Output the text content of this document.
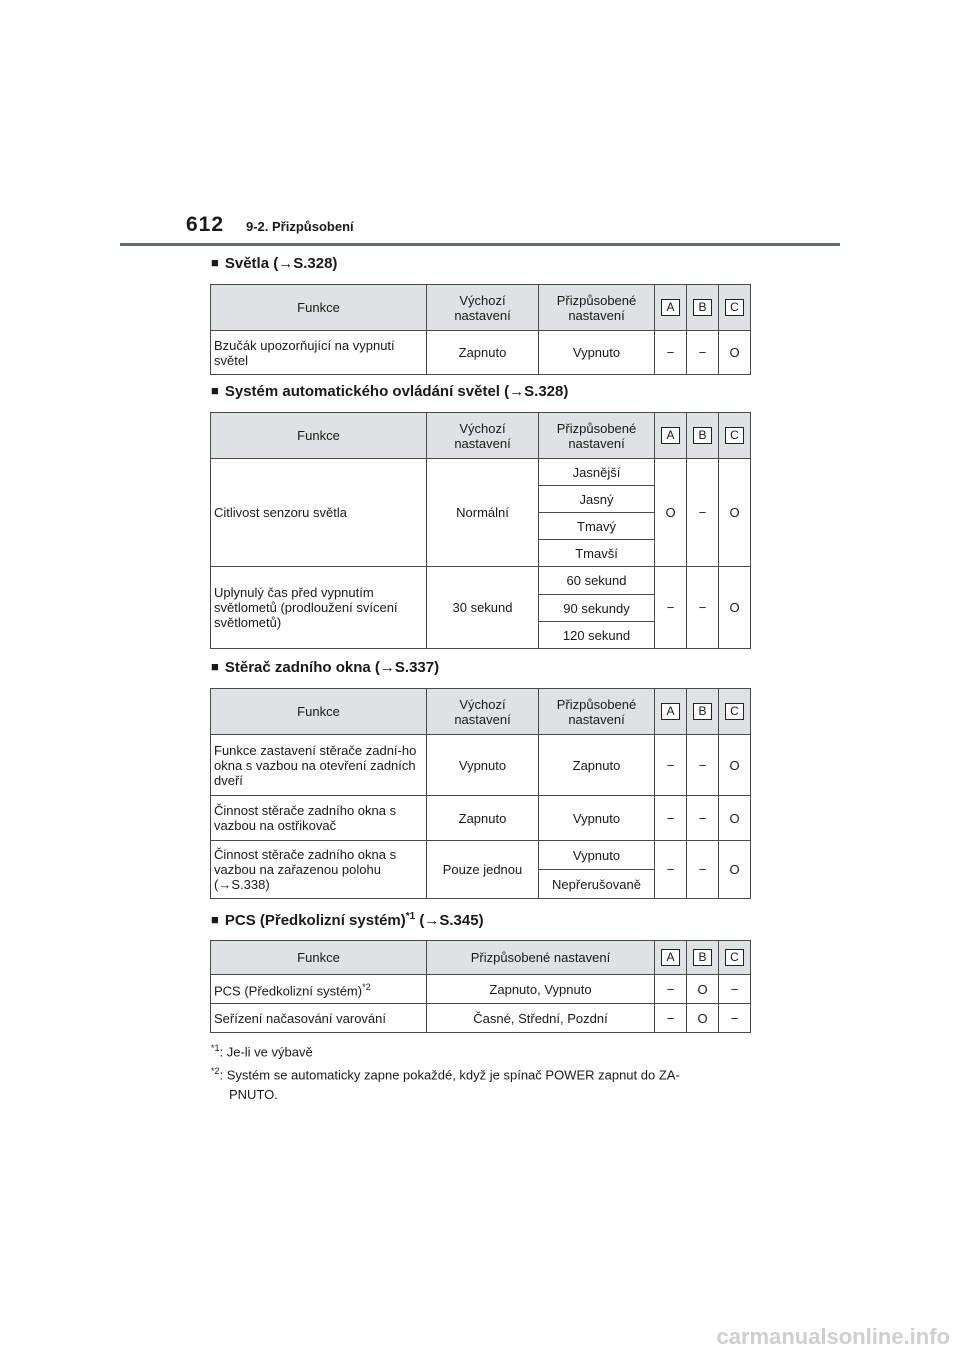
612 9-2. Přizpůsobení
■ Světla (→S.328)
Funkce	Výchozí nastavení	Přizpůsobené nastavení	A	B	C
Bzučák upozorňující na vypnutí světel	Zapnuto	Vypnuto	−	−	O
■ Systém automatického ovládání světel (→S.328)
Funkce	Výchozí nastavení	Přizpůsobené nastavení	A	B	C
Citlivost senzoru světla	Normální	Jasnější	O	−	O
		Jasný			
		Tmavý			
		Tmavší			
Uplynulý čas před vypnutím světlometů (prodloužení svícení světlometů)	30 sekund	60 sekund	−	−	O
		90 sekundy			
		120 sekund			
■ Stěrač zadního okna (→S.337)
Funkce	Výchozí nastavení	Přizpůsobené nastavení	A	B	C
Funkce zastavení stěrače zadní-ho okna s vazbou na otevření zadních dveří	Vypnuto	Zapnuto	−	−	O
Činnost stěrače zadního okna s vazbou na ostřikovač	Zapnuto	Vypnuto	−	−	O
Činnost stěrače zadního okna s vazbou na zařazenou polohu (→S.338)	Pouze jednou	Vypnuto	−	−	O
		Nepřerušovaně			
■ PCS (Předkolizní systém)$^{*1}$ (→S.345)
Funkce	Přizpůsobené nastavení	A	B	C
PCS (Předkolizní systém)$^{*2}$	Zapnuto, Vypnuto	−	O	−
Seřízení načasování varování	Časné, Střední, Pozdní	−	O	−
$^{*1}$: Je-li ve výbavě
$^{*2}$: Systém se automaticky zapne pokaždé, když je spínač POWER zapnut do ZA-
PNUTO.
carmanualsonline.info
